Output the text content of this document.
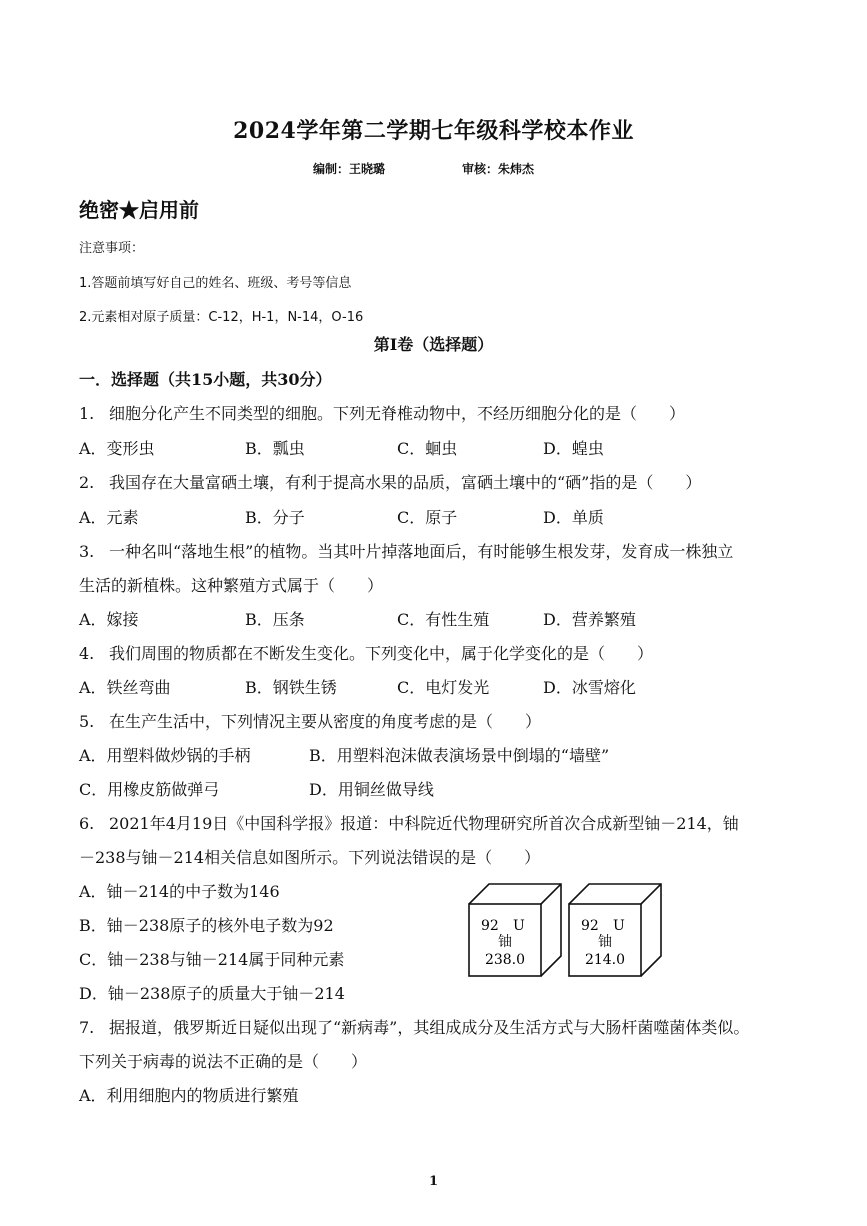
2024学年第二学期七年级科学校本作业
编制：王晓璐	审核：朱炜杰
绝密★启用前
注意事项：
1.答题前填写好自己的姓名、班级、考号等信息
2.元素相对原子质量：C-12，H-1，N-14，O-16
第Ⅰ卷（选择题）
一．选择题（共15小题，共30分）
1. 细胞分化产生不同类型的细胞。下列无脊椎动物中，不经历细胞分化的是（　　）
A．变形虫	B．瓢虫	C．蛔虫	D．蝗虫
2. 我国存在大量富硒土壤，有利于提高水果的品质，富硒土壤中的“硒”指的是（　　）
A．元素	B．分子	C．原子	D．单质
3. 一种名叫“落地生根”的植物。当其叶片掉落地面后，有时能够生根发芽，发育成一株独立
生活的新植株。这种繁殖方式属于（　　）
A．嫁接	B．压条	C．有性生殖	D．营养繁殖
4. 我们周围的物质都在不断发生变化。下列变化中，属于化学变化的是（　　）
A．铁丝弯曲	B．钢铁生锈	C．电灯发光	D．冰雪熔化
5. 在生产生活中，下列情况主要从密度的角度考虑的是（　　）
A．用塑料做炒锅的手柄	B．用塑料泡沫做表演场景中倒塌的“墙壁”
C．用橡皮筋做弹弓	D．用铜丝做导线
6. 2021年4月19日《中国科学报》报道：中科院近代物理研究所首次合成新型铀－214，铀
－238与铀－214相关信息如图所示。下列说法错误的是（　　）
A．铀－214的中子数为146
B．铀－238原子的核外电子数为92
C．铀－238与铀－214属于同种元素
D．铀－238原子的质量大于铀－214
92 U
铀
238.0
92 U
铀
214.0
7. 据报道，俄罗斯近日疑似出现了“新病毒”，其组成成分及生活方式与大肠杆菌噬菌体类似。
下列关于病毒的说法不正确的是（　　）
A．利用细胞内的物质进行繁殖
1
